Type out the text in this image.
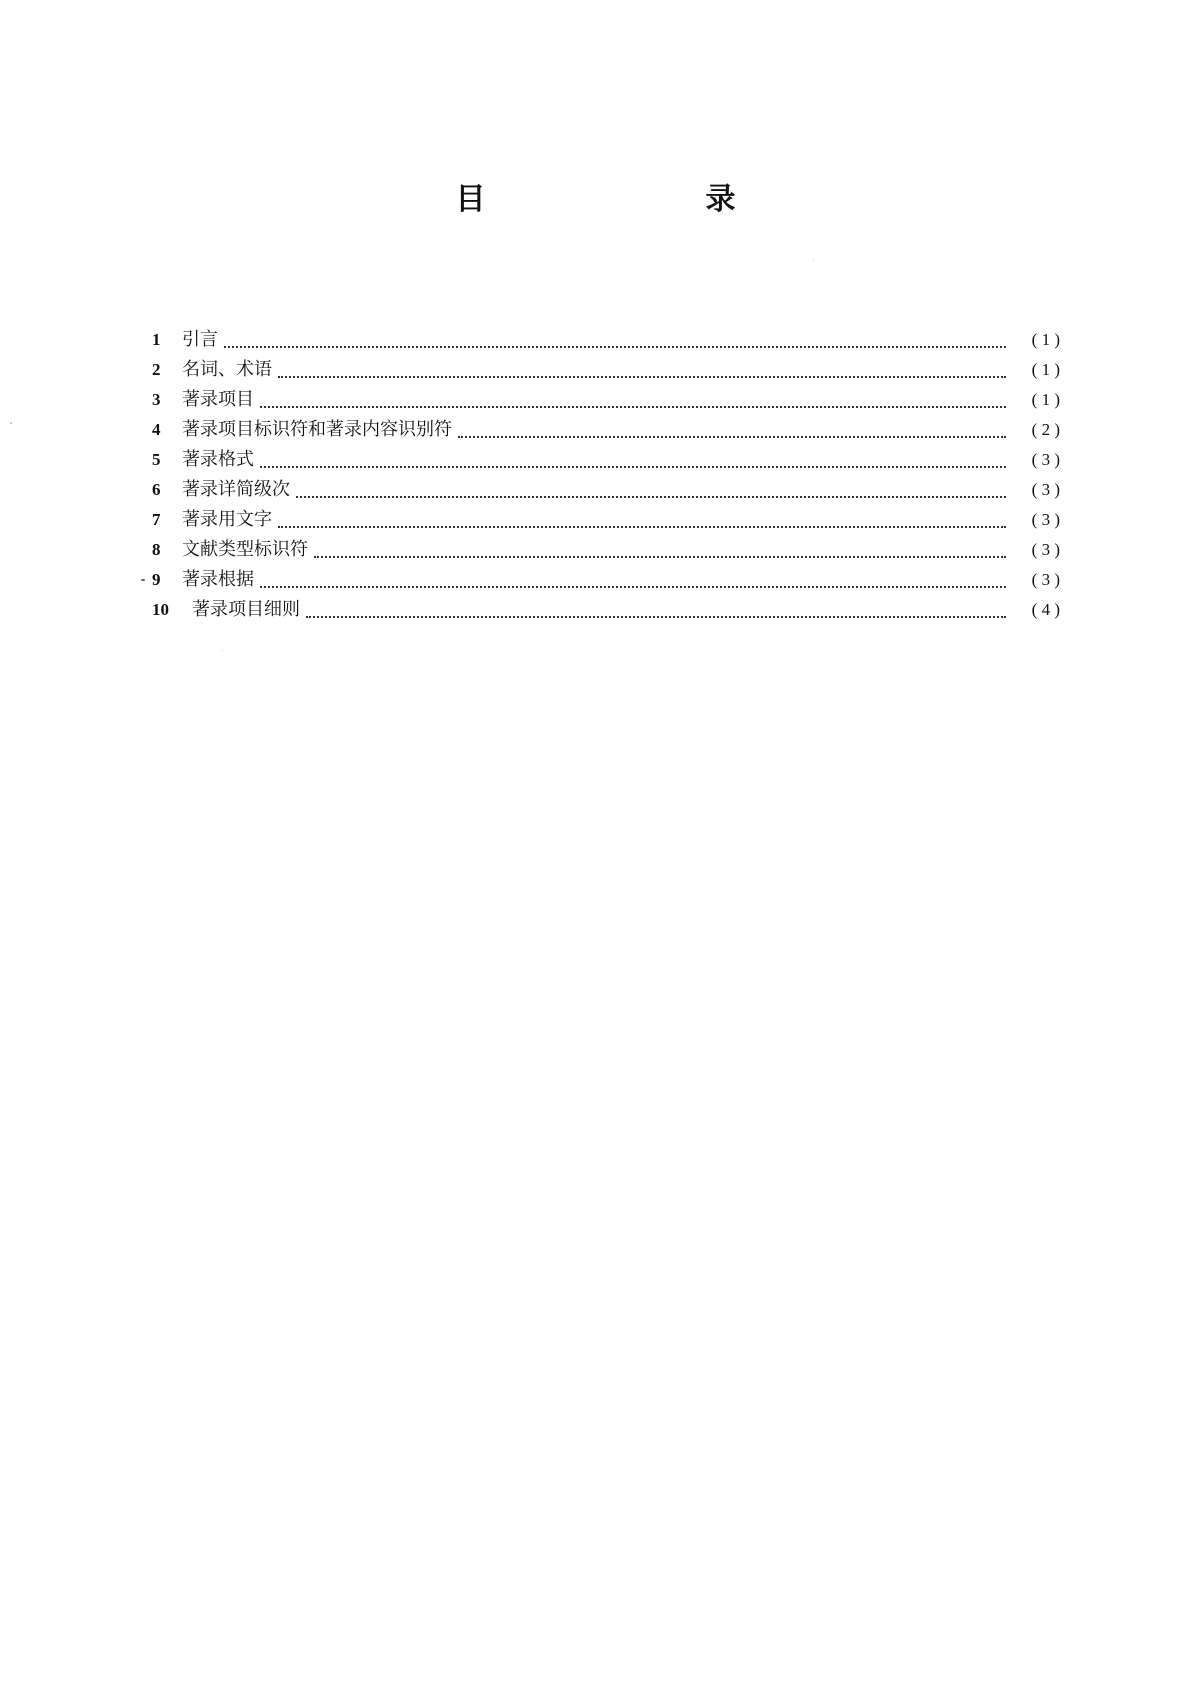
目　录
1	引言	( 1 )
2	名词、术语	( 1 )
3	著录项目	( 1 )
4	著录项目标识符和著录内容识别符	( 2 )
5	著录格式	( 3 )
6	著录详简级次	( 3 )
7	著录用文字	( 3 )
8	文献类型标识符	( 3 )
9	著录根据	( 3 )
10	著录项目细则	( 4 )
